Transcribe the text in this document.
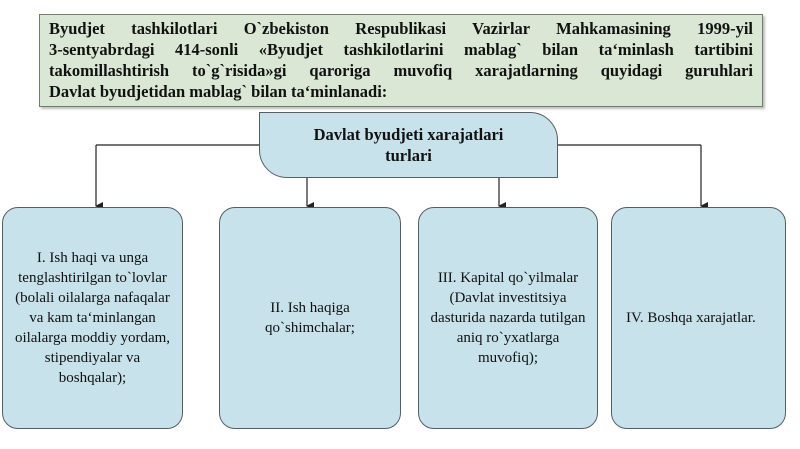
Byudjet tashkilotlari O`zbekiston Respublikasi Vazirlar Mahkamasining 1999-yil
3-sentyabrdagi 414-sonli «Byudjet tashkilotlarini mablag` bilan ta‘minlash tartibini
takomillashtirish to`g`risida»gi qaroriga muvofiq xarajatlarning quyidagi guruhlari
Davlat byudjetidan mablag` bilan ta‘minlanadi:
Davlat byudjeti xarajatlari turlari
I. Ish haqi va unga tenglashtirilgan to`lovlar (bolali oilalarga nafaqalar va kam ta‘minlangan oilalarga moddiy yordam, stipendiyalar va boshqalar);
II. Ish haqiga qo`shimchalar;
III. Kapital qo`yilmalar (Davlat investitsiya dasturida nazarda tutilgan aniq ro`yxatlarga muvofiq);
IV. Boshqa xarajatlar.
